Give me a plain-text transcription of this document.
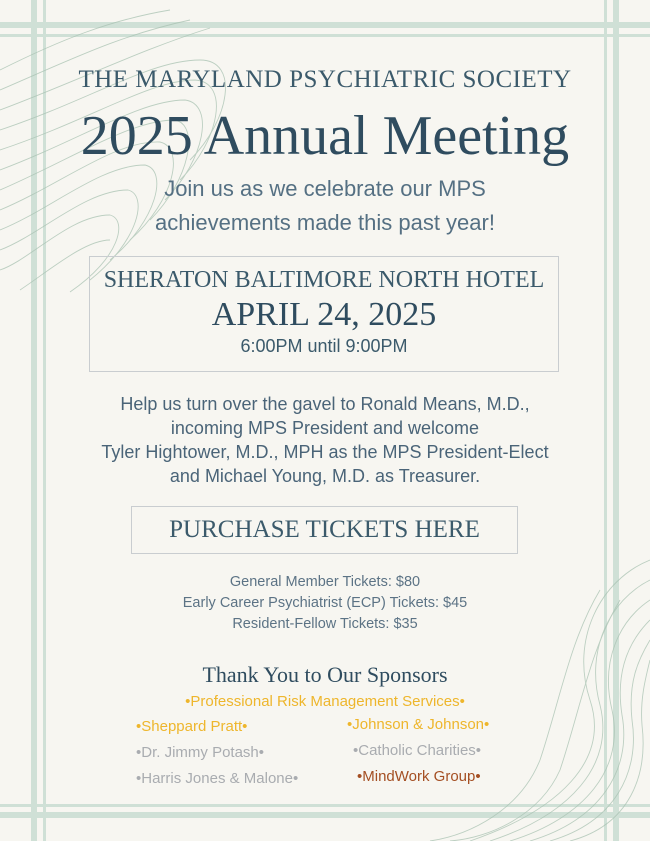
THE MARYLAND PSYCHIATRIC SOCIETY
2025 Annual Meeting
Join us as we celebrate our MPS
achievements made this past year!
SHERATON BALTIMORE NORTH HOTEL
APRIL 24, 2025
6:00PM until 9:00PM
Help us turn over the gavel to Ronald Means, M.D.,
incoming MPS President and welcome
Tyler Hightower, M.D., MPH as the MPS President-Elect
and Michael Young, M.D. as Treasurer.
PURCHASE TICKETS HERE
General Member Tickets: $80
Early Career Psychiatrist (ECP) Tickets: $45
Resident-Fellow Tickets: $35
Thank You to Our Sponsors
•Professional Risk Management Services•
•Sheppard Pratt•	•Johnson & Johnson•
•Dr. Jimmy Potash•	•Catholic Charities•
•Harris Jones & Malone•	•MindWork Group•
